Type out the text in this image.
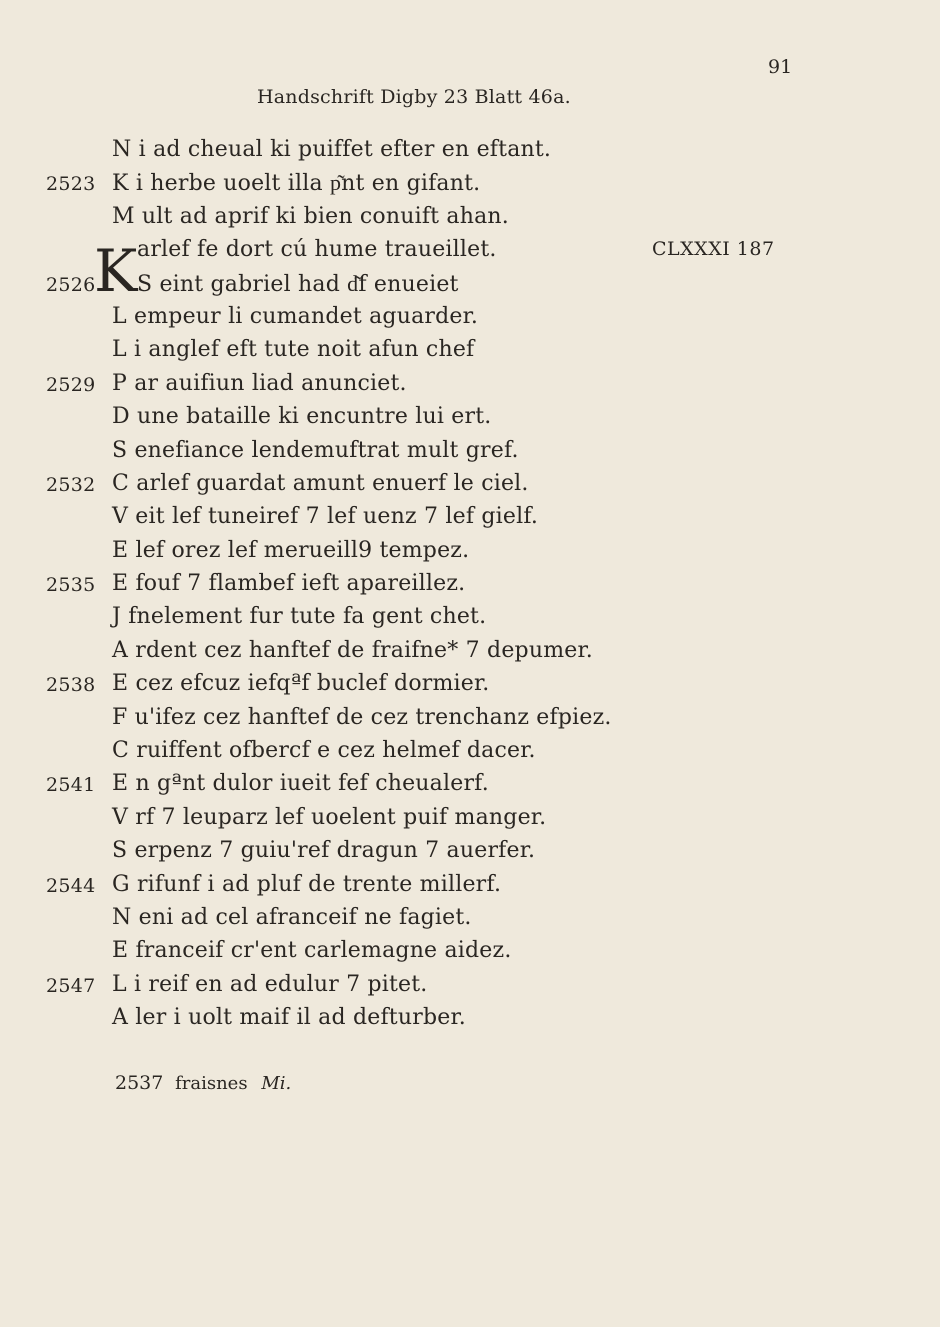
91
Handschrift Digby 23 Blatt 46a.
K	CLXXXI 187
N i ad cheual ki puiffet efter en eftant.
2523 K i herbe uoelt illa p͂nt en gifant.
M ult ad aprif ki bien conuift ahan.
arlef fe dort cú hume traueillet.
2526 S eint gabriel had d͂f enueiet
L empeur li cumandet aguarder.
L i anglef eft tute noit afun chef
2529 P ar auifiun liad anunciet.
D une bataille ki encuntre lui ert.
S enefiance lendemuftrat mult gref.
2532 C arlef guardat amunt enuerf le ciel.
V eit lef tuneiref 7 lef uenz 7 lef gielf.
E lef orez lef merueill9 tempez.
2535 E fouf 7 flambef ieft apareillez.
J fnelement fur tute fa gent chet.
A rdent cez hanftef de fraifne* 7 depumer.
2538 E cez efcuz iefqªf buclef dormier.
F u'ifez cez hanftef de cez trenchanz efpiez.
C ruiffent ofbercf e cez helmef dacer.
2541 E n gªnt dulor iueit fef cheualerf.
V rf 7 leuparz lef uoelent puif manger.
S erpenz 7 guiu'ref dragun 7 auerfer.
2544 G rifunf i ad pluf de trente millerf.
N eni ad cel afranceif ne fagiet.
E franceif cr'ent carlemagne aidez.
2547 L i reif en ad edulur 7 pitet.
A ler i uolt maif il ad defturber.
2537 fraisnes Mi.
